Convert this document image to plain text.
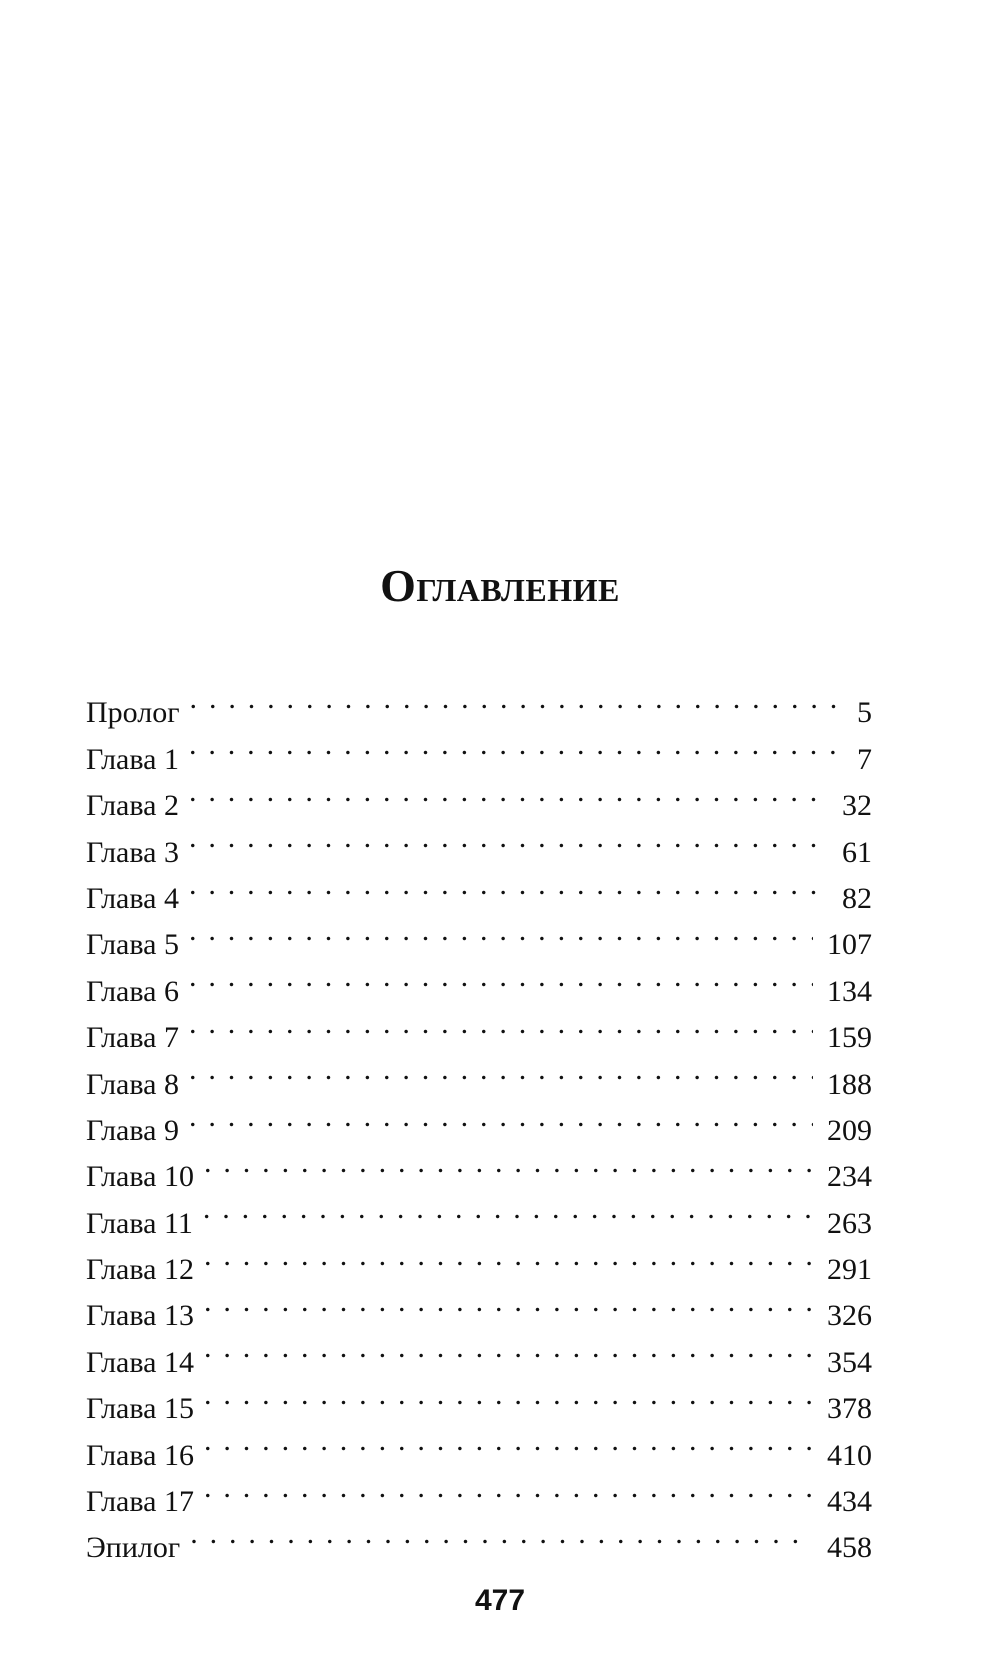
Оглавление
Пролог . . .	5
Глава 1 . . .	7
Глава 2 . . .	32
Глава 3 . . .	61
Глава 4 . . .	82
Глава 5 . . .	107
Глава 6 . . .	134
Глава 7 . . .	159
Глава 8 . . .	188
Глава 9 . . .	209
Глава 10 . . .	234
Глава 11 . . .	263
Глава 12 . . .	291
Глава 13 . . .	326
Глава 14 . . .	354
Глава 15 . . .	378
Глава 16 . . .	410
Глава 17 . . .	434
Эпилог . . .	458
477
